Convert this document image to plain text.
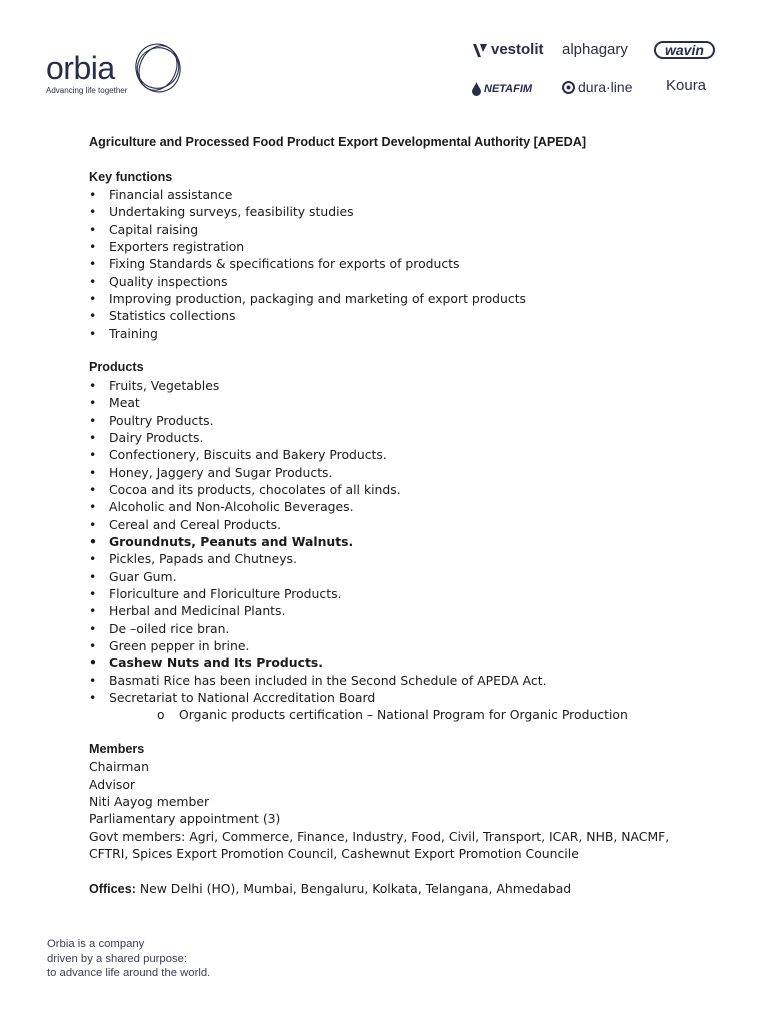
orbia
Advancing life together
vestolit alphagary	wavin
NETAFIM	dura·line Koura
Agriculture and Processed Food Product Export Developmental Authority [APEDA]
Key functions
• Financial assistance
• Undertaking surveys, feasibility studies
• Capital raising
• Exporters registration
• Fixing Standards & specifications for exports of products
• Quality inspections
• Improving production, packaging and marketing of export products
• Statistics collections
• Training
Products
• Fruits, Vegetables
• Meat
• Poultry Products.
• Dairy Products.
• Confectionery, Biscuits and Bakery Products.
• Honey, Jaggery and Sugar Products.
• Cocoa and its products, chocolates of all kinds.
• Alcoholic and Non-Alcoholic Beverages.
• Cereal and Cereal Products.
• Groundnuts, Peanuts and Walnuts.
• Pickles, Papads and Chutneys.
• Guar Gum.
• Floriculture and Floriculture Products.
• Herbal and Medicinal Plants.
• De –oiled rice bran.
• Green pepper in brine.
• Cashew Nuts and Its Products.
• Basmati Rice has been included in the Second Schedule of APEDA Act.
• Secretariat to National Accreditation Board
o Organic products certification – National Program for Organic Production
Members
Chairman
Advisor
Niti Aayog member
Parliamentary appointment (3)
Govt members: Agri, Commerce, Finance, Industry, Food, Civil, Transport, ICAR, NHB, NACMF,
CFTRI, Spices Export Promotion Council, Cashewnut Export Promotion Councile
Offices: New Delhi (HO), Mumbai, Bengaluru, Kolkata, Telangana, Ahmedabad
Orbia is a company
driven by a shared purpose:
to advance life around the world.
